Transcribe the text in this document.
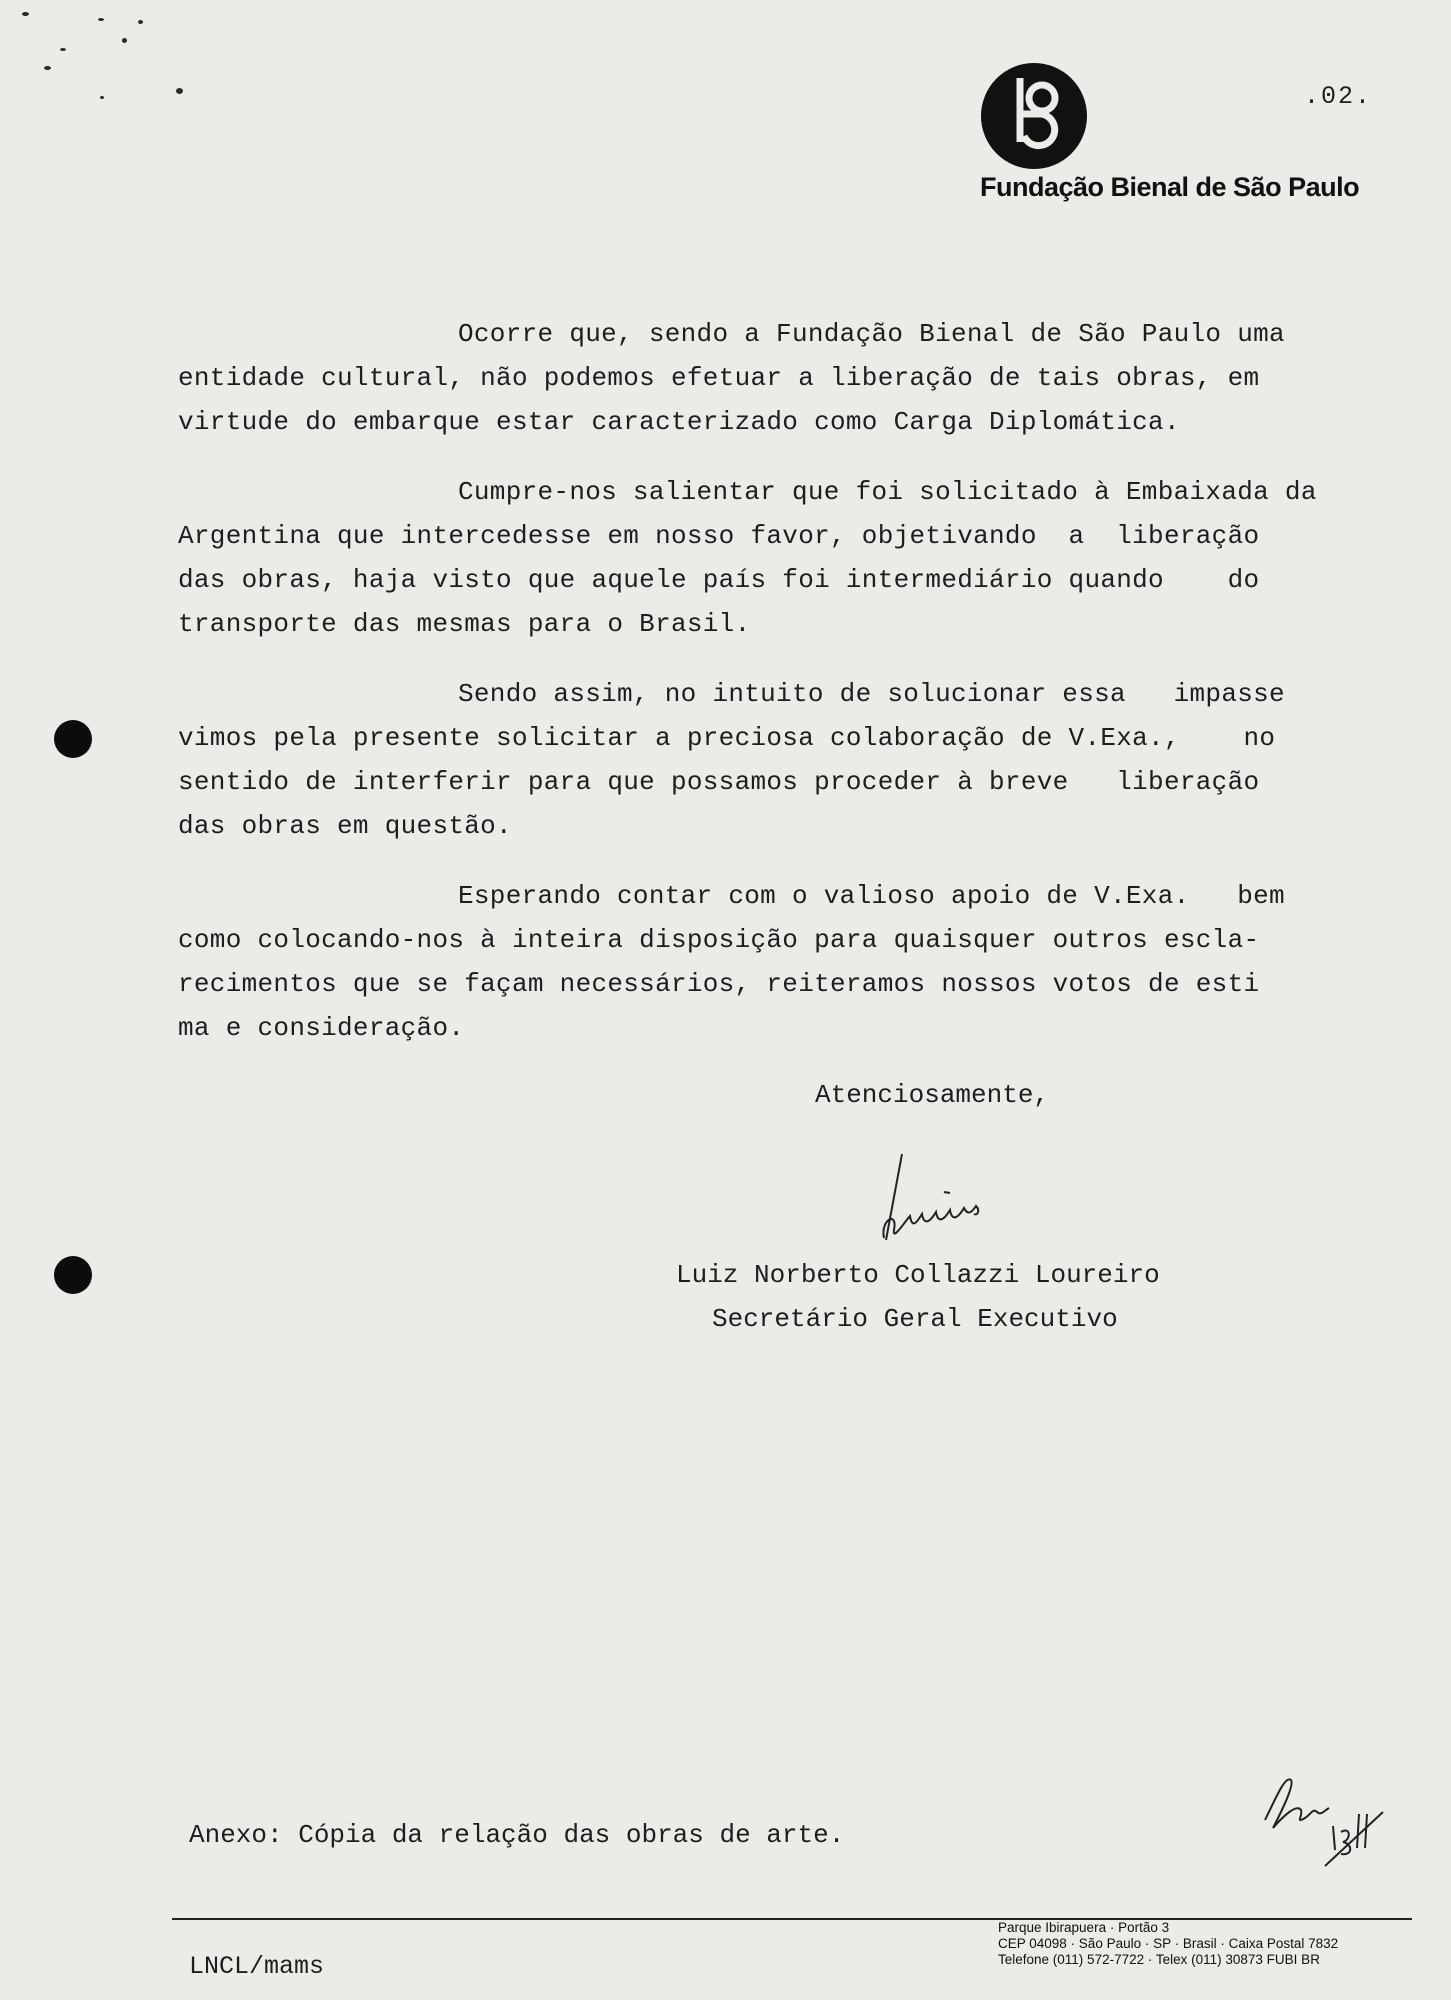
Fundação Bienal de São Paulo
.02.
Ocorre que, sendo a Fundação Bienal de São Paulo uma
entidade cultural, não podemos efetuar a liberação de tais obras, em
virtude do embarque estar caracterizado como Carga Diplomática.
Cumpre-nos salientar que foi solicitado à Embaixada da
Argentina que intercedesse em nosso favor, objetivando  a  liberação
das obras, haja visto que aquele país foi intermediário quando    do
transporte das mesmas para o Brasil.
Sendo assim, no intuito de solucionar essa   impasse
vimos pela presente solicitar a preciosa colaboração de V.Exa.,    no
sentido de interferir para que possamos proceder à breve   liberação
das obras em questão.
Esperando contar com o valioso apoio de V.Exa.   bem
como colocando-nos à inteira disposição para quaisquer outros escla-
recimentos que se façam necessários, reiteramos nossos votos de esti
ma e consideração.
Atenciosamente,
Luiz Norberto Collazzi Loureiro
Secretário Geral Executivo
Anexo: Cópia da relação das obras de arte.
LNCL/mams
Parque Ibirapuera · Portão 3
CEP 04098 · São Paulo · SP · Brasil · Caixa Postal 7832
Telefone (011) 572-7722 · Telex (011) 30873 FUBI BR
